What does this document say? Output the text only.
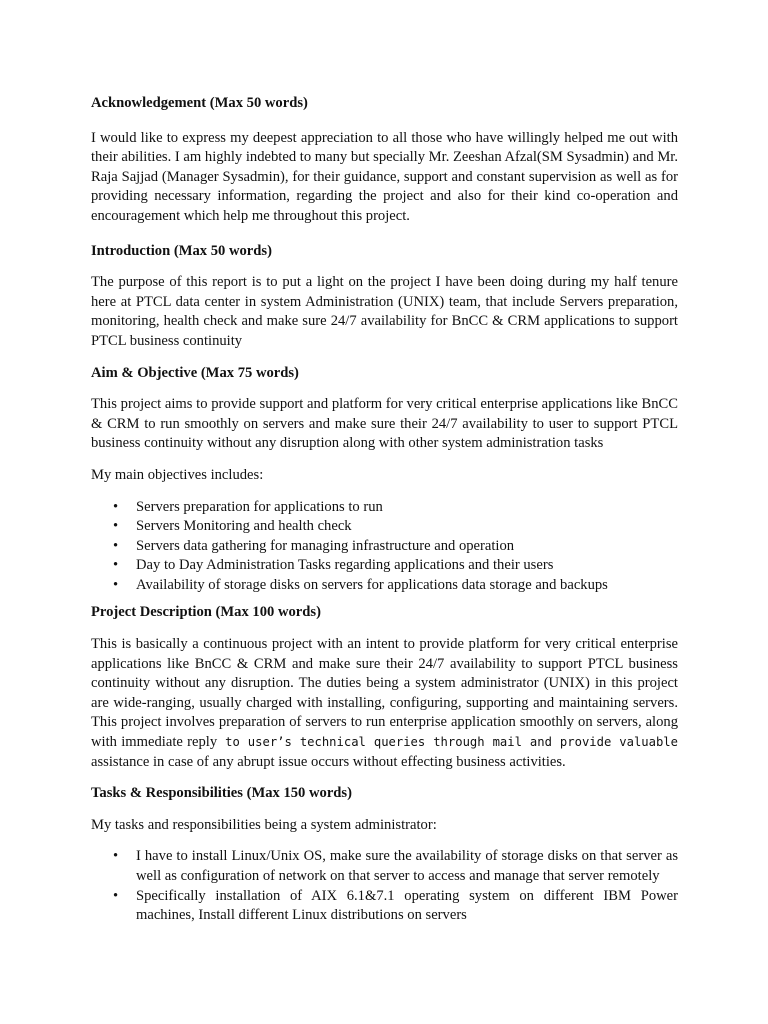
Acknowledgement (Max 50 words)

I would like to express my deepest appreciation to all those who have willingly helped me out with their abilities. I am highly indebted to many but specially Mr. Zeeshan Afzal(SM Sysadmin) and Mr. Raja Sajjad (Manager Sysadmin), for their guidance, support and constant supervision as well as for providing necessary information, regarding the project and also for their kind co-operation and encouragement which help me throughout this project.

Introduction (Max 50 words)

The purpose of this report is to put a light on the project I have been doing during my half tenure here at PTCL data center in system Administration (UNIX) team, that include Servers preparation, monitoring, health check and make sure 24/7 availability for BnCC & CRM applications to support PTCL business continuity

Aim & Objective (Max 75 words)

This project aims to provide support and platform for very critical enterprise applications like BnCC & CRM to run smoothly on servers and make sure their 24/7 availability to user to support PTCL business continuity without any disruption along with other system administration tasks

My main objectives includes:

• Servers preparation for applications to run
• Servers Monitoring and health check
• Servers data gathering for managing infrastructure and operation
• Day to Day Administration Tasks regarding applications and their users
• Availability of storage disks on servers for applications data storage and backups
Project Description (Max 100 words)

This is basically a continuous project with an intent to provide platform for very critical enterprise applications like BnCC & CRM and make sure their 24/7 availability to support PTCL business continuity without any disruption. The duties being a system administrator (UNIX) in this project are wide-ranging, usually charged with installing, configuring, supporting and maintaining servers. This project involves preparation of servers to run enterprise application smoothly on servers, along with immediate reply to user’s technical queries through mail and provide valuable assistance in case of any abrupt issue occurs without effecting business activities.

Tasks & Responsibilities (Max 150 words)

My tasks and responsibilities being a system administrator:

• I have to install Linux/Unix OS, make sure the availability of storage disks on that server as well as configuration of network on that server to access and manage that server remotely
• Specifically installation of AIX 6.1&7.1 operating system on different IBM Power machines, Install different Linux distributions on servers
